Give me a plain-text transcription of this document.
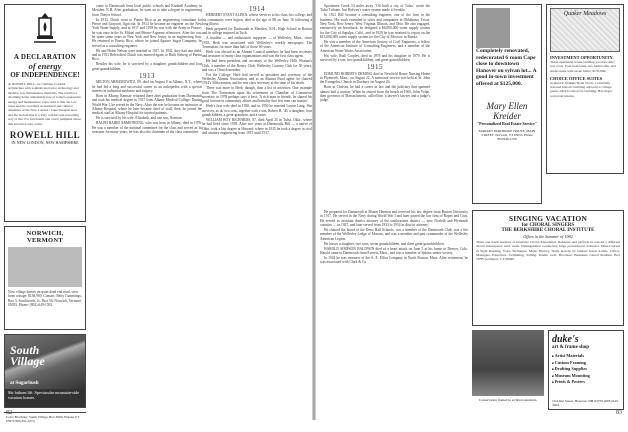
A DECLARATION
of energy
OF INDEPENDENCE!
At ROWELL HILL, we combine Colonial architecture with sophisticated solar technology and modern, low maintenance materials. The result is a charming home remarkably free of today's oppressive energy and maintenance costs. Add to this our low taxes and the excellent recreational and cultural amenities of the New London / Lake Sunapee area, and the bottom line is a truly comfort and rewarding way of life. For full details and a new pamphlet about this attractive area, write:
ROWELL HILL
IN NEW LONDON, NEW HAMPSHIRE
NORWICH, VERMONT
Now village homes on quiet dead end road, view from cottage. $138,900. Contact: Betty Cummings, Box 3, Southworth, Jr., Box 56, Norwich, Vermont 05055. Phone: (802) 649-1592.
South
Village
at Sugarbush
Ski fathom lift. Spectacular mountain-side vacation homes.
Color Brochure: South Village, Box 3000, Warren VT 05674 800-451-4574

come to Dartmouth from local public schools and Kimball Academy in Meriden, N.H. After graduation, he went on to take a degree in engineering from Thayer School.

In 1913, Dutch went to Puerto Rico as an engineering consultant for Pierce and Grayson, Agricola. In 1914 he became an engineer on the New York Water Supply, and in 1917 and 1919 he was with the Army in France; he was once in the St. Mihiel and Meuse-Argonne offensives. After the war, he spent some years in New York and New Jersey in an engineering firm. He returned to Puerto Rico, where he joined Aguirre Sugar Company; he served as a consulting engineer.

He and Helen Nelson were married in 1917. In 1932, they had one child, and in 1953 Helen died. Dutch was married again, to Ruth Sieberg of Puerto Rico.

Besides his wife, he is survived by a daughter, grandchildren and four great-grandchildren.

1913

MILTON ABRAMOWITZ, 89, died on August 8 in Albany, N.Y., where he had led a long and successful career as an orthopedist with a special interest in industrial medicine and surgery.

Born in Albany, Ramsay returned there after graduation from Dartmouth and took his medical degree in 1917 from Albany Medical College. During World War I, he served in the Navy. After the war he became an instructor at Albany Hospital, where he later became chief of staff; then, he joined the medical staff at Albany Hospital for injured patients.

He is survived by his wife, Elizabeth, and one son, Norman.

RALPH BAIRD ARMSTRONG, who was born in Albany, died in 1976. He was a member of the national committee for the class and served as its treasurer for many years; he was also the chairman of the class committee.

1914

HERBERT STANT ALDEN, whose services to his class, his college, and his community were legion, died at the age of 88 on June 16 following a long illness.

Herb prepared for Dartmouth at Meriden, N.H., High School in Boston and in college majored in Tuck.

A resident — and enthusiastic supporter — of Wellesley, Mass., since 1918, Herb was associated with Wellesley's weekly newspaper, The Townsman, for more than half of those 60 years.

Herb was elected as an Alumni Council member; he had been secretary and treasurer of many class organizations and was the first class agent.

He had been president and secretary of the Wellesley Hills Woman's Club, a member of the Rotary Club, Wellesley Country Club for 50 years, and was a Church member.

For the College, Herb had served as president and secretary of the Wellesley Alumni Association, and as an Alumni Fund agent; he chaired 1914's 50th reunion, and he was class secretary at the time of his death.

There was more to Herb, though, than a list of activities. One example from The Townsman upon his retirement as Chamber of Commerce secretary in 1978 perhaps says it best: 'A rich man in friends, he shared his good fortune in community affairs and humility that few men can muster.'

Herb's first wife died in 1930, and in 1950 he married Louise Lang. She survives, as do two sons, together with a son, Robert H. '40, a daughter, four grandchildren, a great-grandson, and a sister.

WILLIAM ROY RICHARDS, 87, died April 25 in Tulsa, Okla., where he had lived since 1918. After two years at Dartmouth, Bill — a native of Ohio, took a law degree at Harvard, where in 1915 he took a degree in civil and sanitary engineering from 1915 until 1917.

82

Sportsmen Creek 54 miles away. 'Oil built a city of Tulsa,' wrote the Tulsa Tribune, 'but Holway's water system made it liveable.'

In 1921 Bill became a consulting engineer, one of the firm in the business. His work extended to cities and companies in Oklahoma, Texas, New York, New Jersey, West Virginia, Illinois, and Ohio. He also engaged, extensively on horseback, he designed a $6,000,000 water supply system for the City of Sapulpa, Calif., and in 1929 he was retained to report on the $15,000,000 water supply system for the City of Moscow in Russia.

He was a member of the American Society of Civil Engineers, a fellow of the American Institute of Consulting Engineers, and a member of the American Water Works Association.

His wife, Ruth Cropley, died in 1976 and his daughter in 1979. He is survived by a son, two grandchildren, and great-grandchildren.

1915

EDMUND ROBERTS DEMING died in Newfield Home Nursing Home in Plymouth, Mass., on August 22. A memorial service was held at St. John the Evangelist Church in Duxbury on August 26.

Born in Chelsea, he had a career in law and the judiciary that spanned almost half a century. When he retired from the bench in 1965, John Volpe, then governor of Massachusetts, called him 'a lawyer's lawyer and a judge's judge.'

He prepared for Dartmouth at Mount Hermon and received his law degree from Boston University in 1917. He served in the Navy during World War I and later joined the law firm of Ropes and Gray. He served as assistant district attorney of the southeastern district — now Norfolk and Plymouth counties — in 1927, and later served from 1933 to 1954 as district attorney.

He chaired the board of the Deno Hall Schools, was a member of the Dartmouth Club, was a life member of the Wellesley Lodge of Masons, and was a member and past commander of the Wellesley American Legion.

He leaves a daughter, two sons, seven grandchildren, and three great-grandchildren.

HAROLD SIMPSON BALDWIN died of a heart attack on June 5 at his home in Denver, Colo. Harold came to Dartmouth from Everett, Mass., and was a member of Sphinx senior society.

In 1924 he was treasurer of the A. E. Elliot Company in North Boston, Mass. After retirement, he was associated with Clark & Co.

Quaker Meadows
INVESTMENT OPPORTUNITY.
Three-apartment house yielding good income; low costs. Four bedrooms, two bathrooms, and studio units with seven baths; $135,000.
CHOICE OFFICE SUITES
in historic Judkins Hotel block, a tastefully restored historic building adjacent to village green. Ideal location for building. Has major corporate tenants.
Completely renovated, redecorated 6 room Cape close to downtown Hanover on sylvan lot... A good in-town investment offered at $125,000.
Mary Ellen Kreider
"Personalized Real Estate Service"
MARKET PARTRIDGE HOUSE, MAIN STREET, Norwich, VT 05055, Phone 802/649-1706
SINGING VACATION
for CHORAL SINGERS
THE BERKSHIRE CHORAL INSTITUTE
Offers in the Summer of 1982
Three one-week sessions of intensive Choral Experience. Rehearse and perform in concert a different choral masterpiece each week. Distinguished conductors, large professional orchestra. Mini-Courses in Sight Reading, Voice Technique, Music History. Daily lessons by famous Guest Artists, Critics, Managers, Educators. Swimming, Sailing, Tennis, Golf. Brochure: Berkshire Choral Institute, Box 707B Southport, CT 06490
Conservation framed in archival standards.
duke's
art & frame shop
■ Artist Materials
■ Custom Framing
■ Drafting Supplies
■ Museum Mounting
■ Prints & Posters
10 Allen Street, Hanover, NH 03755 (603) 643-3404
83
